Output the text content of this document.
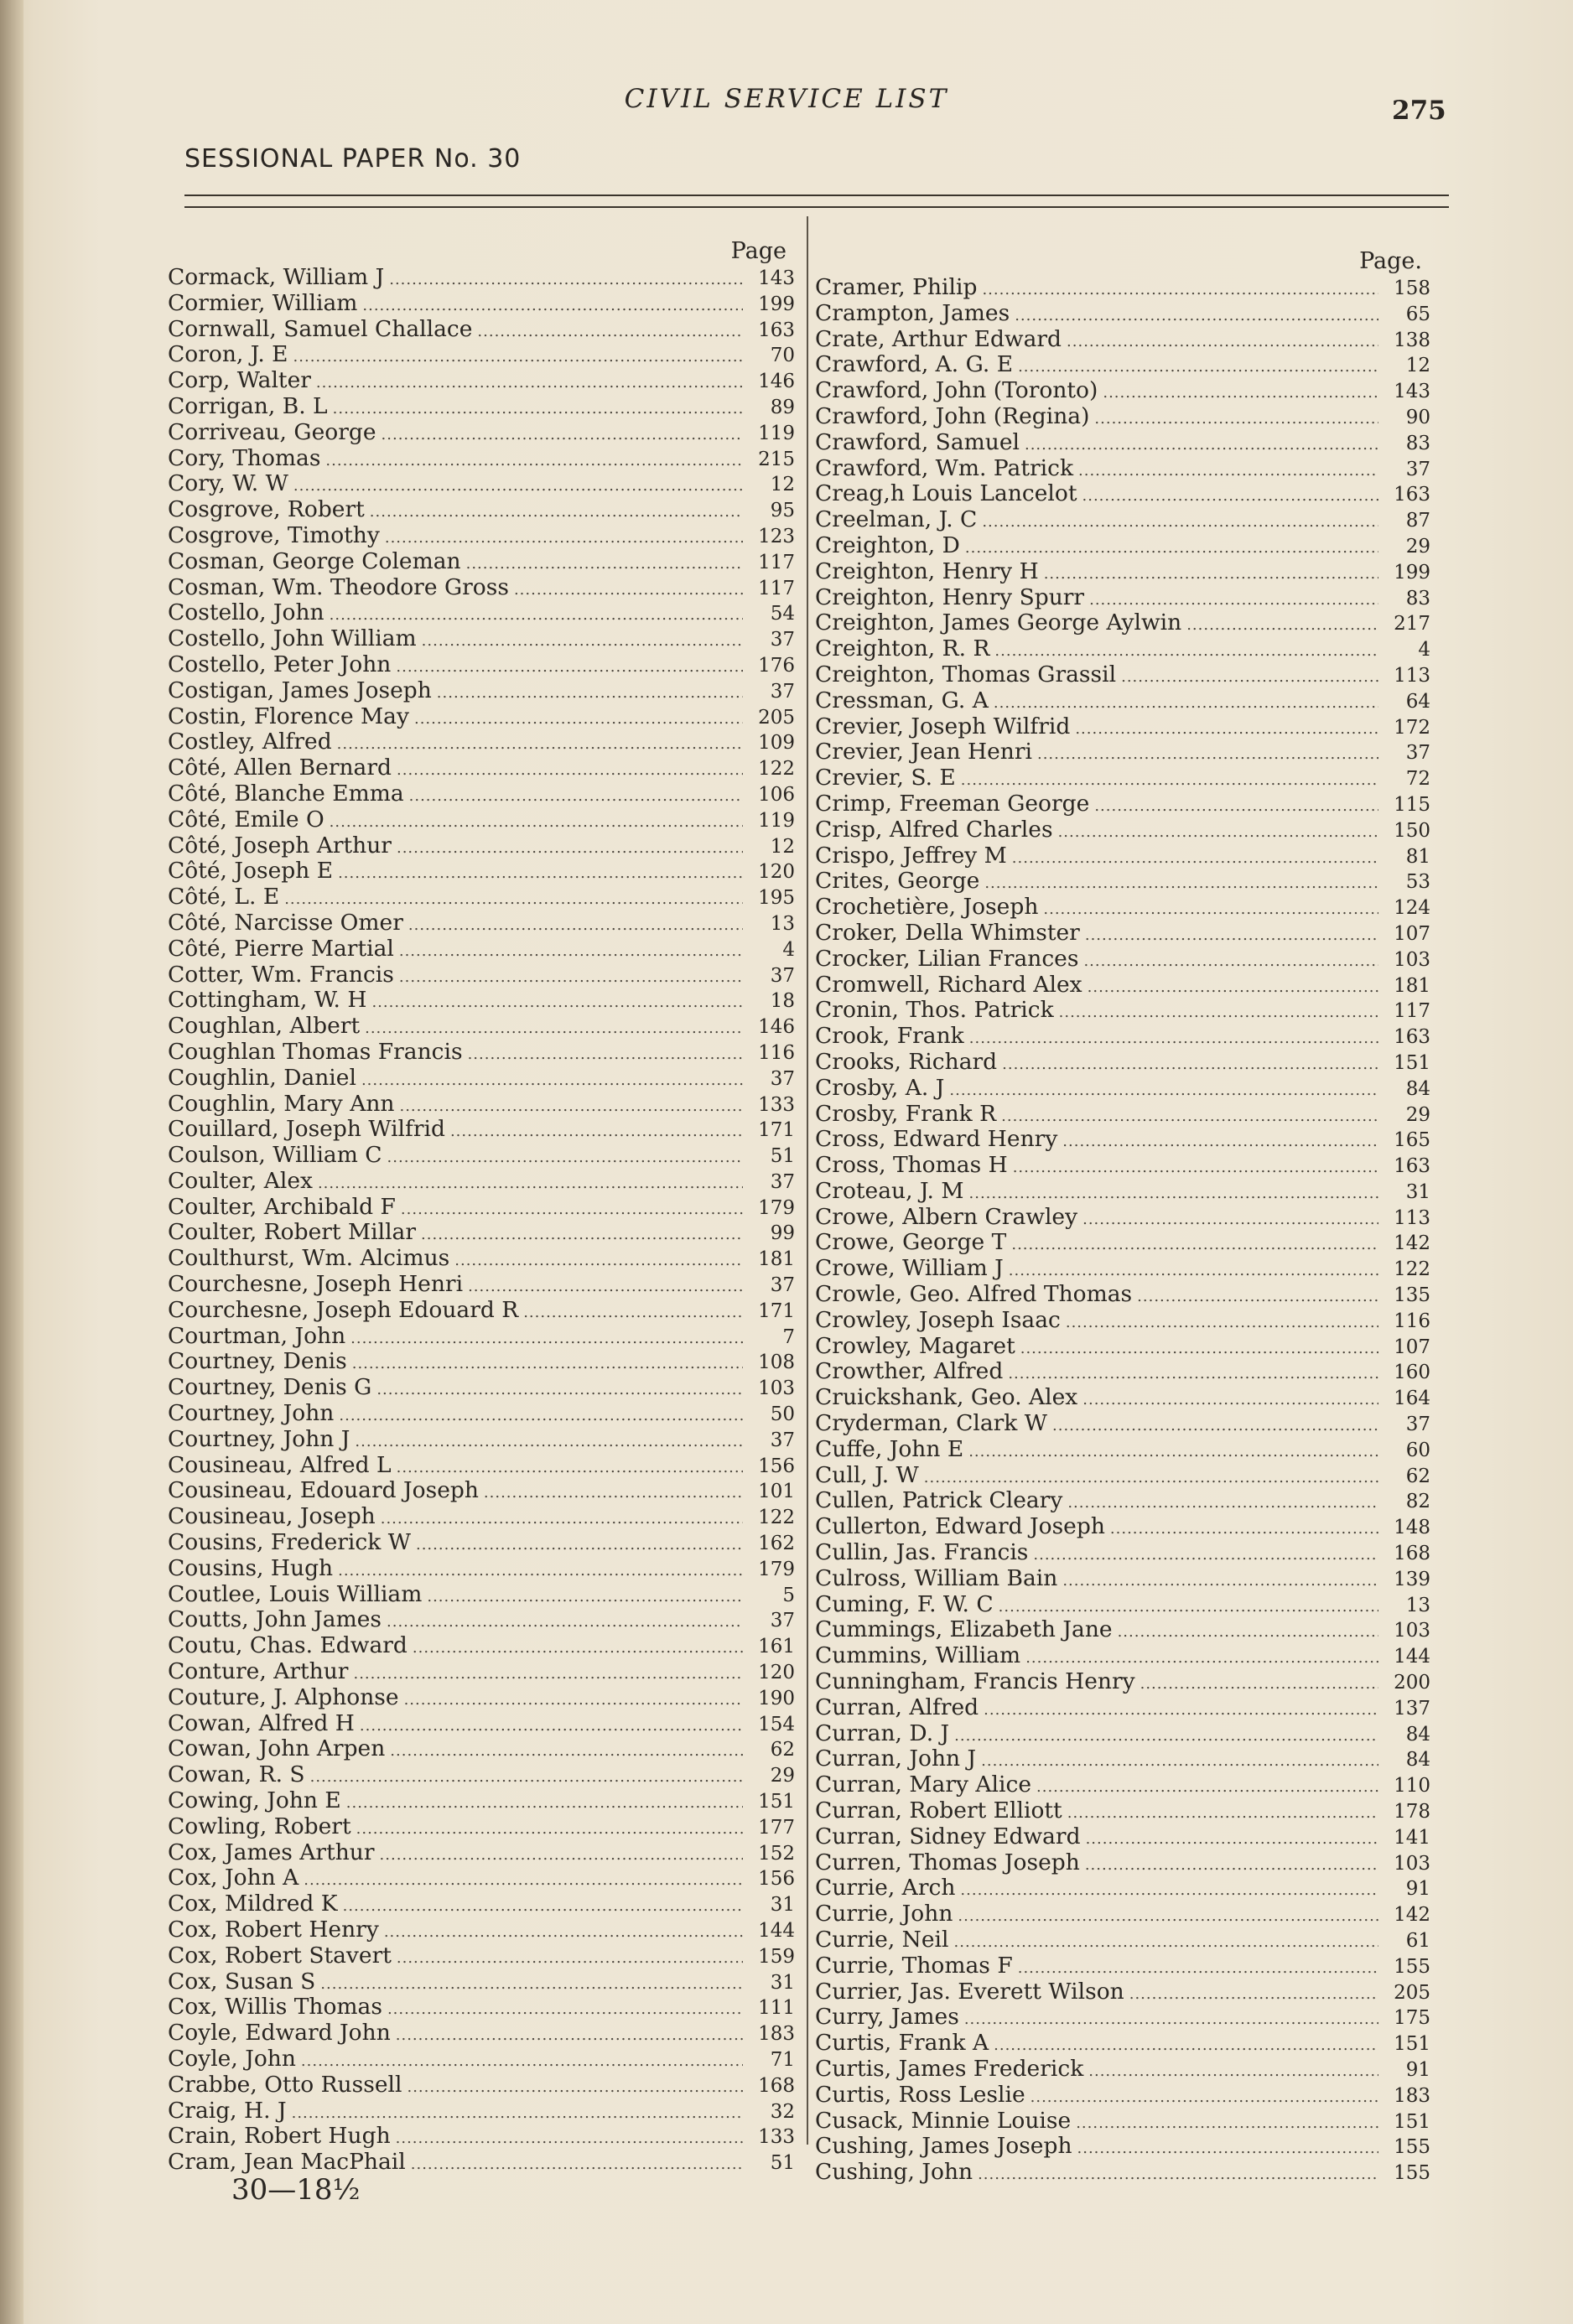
CIVIL SERVICE LIST	275
SESSIONAL PAPER No. 30
Page
Cormack, William J .....	143
Cormier, William .....	199
Cornwall, Samuel Challace .....	163
Coron, J. E .....	70
Corp, Walter .....	146
Corrigan, B. L .....	89
Corriveau, George .....	119
Cory, Thomas .....	215
Cory, W. W .....	12
Cosgrove, Robert .....	95
Cosgrove, Timothy .....	123
Cosman, George Coleman .....	117
Cosman, Wm. Theodore Gross .....	117
Costello, John .....	54
Costello, John William .....	37
Costello, Peter John .....	176
Costigan, James Joseph .....	37
Costin, Florence May .....	205
Costley, Alfred .....	109
Côté, Allen Bernard .....	122
Côté, Blanche Emma .....	106
Côté, Emile O .....	119
Côté, Joseph Arthur .....	12
Côté, Joseph E .....	120
Côté, L. E .....	195
Côté, Narcisse Omer .....	13
Côté, Pierre Martial .....	4
Cotter, Wm. Francis .....	37
Cottingham, W. H .....	18
Coughlan, Albert .....	146
Coughlan Thomas Francis .....	116
Coughlin, Daniel .....	37
Coughlin, Mary Ann .....	133
Couillard, Joseph Wilfrid .....	171
Coulson, William C .....	51
Coulter, Alex .....	37
Coulter, Archibald F .....	179
Coulter, Robert Millar .....	99
Coulthurst, Wm. Alcimus .....	181
Courchesne, Joseph Henri .....	37
Courchesne, Joseph Edouard R .....	171
Courtman, John .....	7
Courtney, Denis .....	108
Courtney, Denis G .....	103
Courtney, John .....	50
Courtney, John J .....	37
Cousineau, Alfred L .....	156
Cousineau, Edouard Joseph .....	101
Cousineau, Joseph .....	122
Cousins, Frederick W .....	162
Cousins, Hugh .....	179
Coutlee, Louis William .....	5
Coutts, John James .....	37
Coutu, Chas. Edward .....	161
Conture, Arthur .....	120
Couture, J. Alphonse .....	190
Cowan, Alfred H .....	154
Cowan, John Arpen .....	62
Cowan, R. S .....	29
Cowing, John E .....	151
Cowling, Robert .....	177
Cox, James Arthur .....	152
Cox, John A .....	156
Cox, Mildred K .....	31
Cox, Robert Henry .....	144
Cox, Robert Stavert .....	159
Cox, Susan S .....	31
Cox, Willis Thomas .....	111
Coyle, Edward John .....	183
Coyle, John .....	71
Crabbe, Otto Russell .....	168
Craig, H. J .....	32
Crain, Robert Hugh .....	133
Cram, Jean MacPhail .....	51
Page.
Cramer, Philip .....	158
Crampton, James .....	65
Crate, Arthur Edward .....	138
Crawford, A. G. E .....	12
Crawford, John (Toronto) .....	143
Crawford, John (Regina) .....	90
Crawford, Samuel .....	83
Crawford, Wm. Patrick .....	37
Creag,h Louis Lancelot .....	163
Creelman, J. C .....	87
Creighton, D .....	29
Creighton, Henry H .....	199
Creighton, Henry Spurr .....	83
Creighton, James George Aylwin .....	217
Creighton, R. R .....	4
Creighton, Thomas Grassil .....	113
Cressman, G. A .....	64
Crevier, Joseph Wilfrid .....	172
Crevier, Jean Henri .....	37
Crevier, S. E .....	72
Crimp, Freeman George .....	115
Crisp, Alfred Charles .....	150
Crispo, Jeffrey M .....	81
Crites, George .....	53
Crochetière, Joseph .....	124
Croker, Della Whimster .....	107
Crocker, Lilian Frances .....	103
Cromwell, Richard Alex .....	181
Cronin, Thos. Patrick .....	117
Crook, Frank .....	163
Crooks, Richard .....	151
Crosby, A. J .....	84
Crosby, Frank R .....	29
Cross, Edward Henry .....	165
Cross, Thomas H .....	163
Croteau, J. M .....	31
Crowe, Albern Crawley .....	113
Crowe, George T .....	142
Crowe, William J .....	122
Crowle, Geo. Alfred Thomas .....	135
Crowley, Joseph Isaac .....	116
Crowley, Magaret .....	107
Crowther, Alfred .....	160
Cruickshank, Geo. Alex .....	164
Cryderman, Clark W .....	37
Cuffe, John E .....	60
Cull, J. W .....	62
Cullen, Patrick Cleary .....	82
Cullerton, Edward Joseph .....	148
Cullin, Jas. Francis .....	168
Culross, William Bain .....	139
Cuming, F. W. C .....	13
Cummings, Elizabeth Jane .....	103
Cummins, William .....	144
Cunningham, Francis Henry .....	200
Curran, Alfred .....	137
Curran, D. J .....	84
Curran, John J .....	84
Curran, Mary Alice .....	110
Curran, Robert Elliott .....	178
Curran, Sidney Edward .....	141
Curren, Thomas Joseph .....	103
Currie, Arch .....	91
Currie, John .....	142
Currie, Neil .....	61
Currie, Thomas F .....	155
Currier, Jas. Everett Wilson .....	205
Curry, James .....	175
Curtis, Frank A .....	151
Curtis, James Frederick .....	91
Curtis, Ross Leslie .....	183
Cusack, Minnie Louise .....	151
Cushing, James Joseph .....	155
Cushing, John .....	155
30—18½
